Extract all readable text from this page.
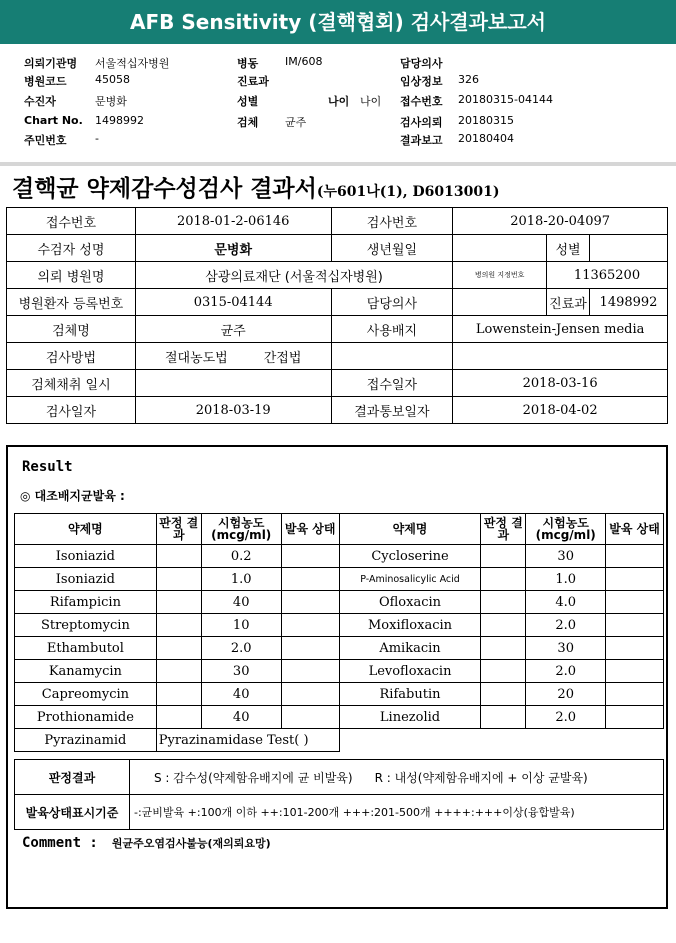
AFB Sensitivity (결핵협회) 검사결과보고서
의뢰기관명 서울적십자병원	병동 IM/608	담당의사
병원코드	45058	진료과	임상정보 326
수진자	문병화	성별	나이 나이 접수번호 20180315-04144
Chart No. 1498992	검체 균주	검사의뢰 20180315
주민번호	-	결과보고 20180404
결핵균 약제감수성검사 결과서(누601나(1), D6013001)
접수번호	2018-01-2-06146	검사번호	2018-20-04097		
수검자 성명	문병화	생년월일		성별	
의뢰 병원명	삼광의료재단 (서울적십자병원)		병의원 지정번호	11365200	
병원환자 등록번호	0315-04144	담당의사		진료과	1498992
검체명	균주	사용배지	Lowenstein-Jensen media		
검사방법	절대농도법 간접법				
검체채취 일시		접수일자	2018-03-16		
검사일자	2018-03-19	결과통보일자	2018-04-02		
Result
◎ 대조배지균발육 :
약제명	판정 결과	시험농도 (mcg/ml)	발육 상태	약제명	판정 결과	시험농도 (mcg/ml)	발육 상태
Isoniazid		0.2		Cycloserine		30	
Isoniazid		1.0		P-Aminosalicylic Acid		1.0	
Rifampicin		40		Ofloxacin		4.0	
Streptomycin		10		Moxifloxacin		2.0	
Ethambutol		2.0		Amikacin		30	
Kanamycin		30		Levofloxacin		2.0	
Capreomycin		40		Rifabutin		20	
Prothionamide		40		Linezolid		2.0	
Pyrazinamid	Pyrazinamidase Test( )						
판정결과	S : 감수성(약제함유배지에 균 비발육) R : 내성(약제함유배지에 + 이상 균발육)
발육상태표시기준	-:균비발육 +:100개 이하 ++:101-200개 +++:201-500개 ++++:+++이상(융합발육)
Comment : 원균주오염검사불능(재의뢰요망)
